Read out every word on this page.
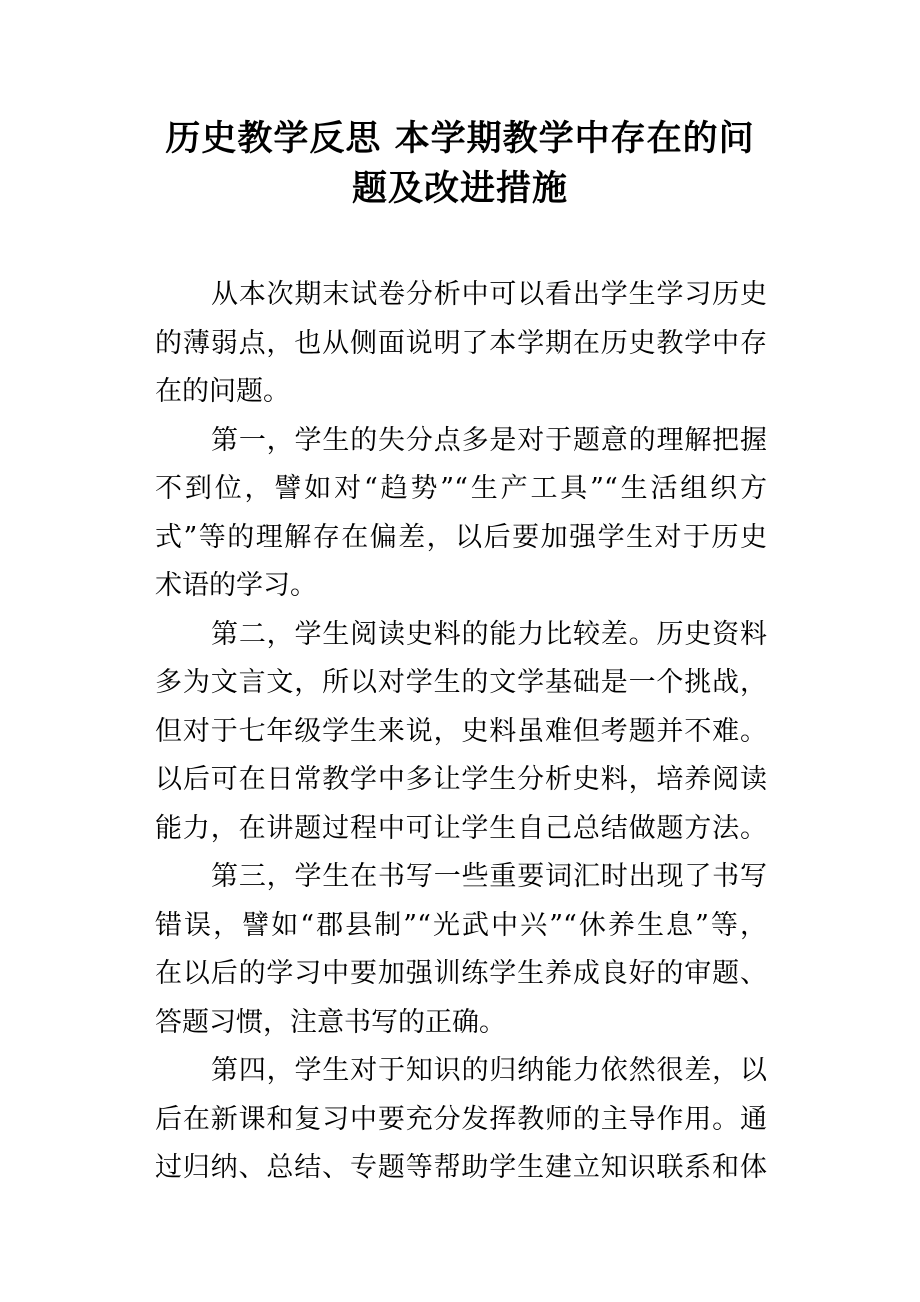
历史教学反思 本学期教学中存在的问
题及改进措施
从本次期末试卷分析中可以看出学生学习历史
的薄弱点，也从侧面说明了本学期在历史教学中存
在的问题。
第一，学生的失分点多是对于题意的理解把握
不到位，譬如对“趋势”“生产工具”“生活组织方
式”等的理解存在偏差，以后要加强学生对于历史
术语的学习。
第二，学生阅读史料的能力比较差。历史资料
多为文言文，所以对学生的文学基础是一个挑战，
但对于七年级学生来说，史料虽难但考题并不难。
以后可在日常教学中多让学生分析史料，培养阅读
能力，在讲题过程中可让学生自己总结做题方法。
第三，学生在书写一些重要词汇时出现了书写
错误，譬如“郡县制”“光武中兴”“休养生息”等，
在以后的学习中要加强训练学生养成良好的审题、
答题习惯，注意书写的正确。
第四，学生对于知识的归纳能力依然很差，以
后在新课和复习中要充分发挥教师的主导作用。通
过归纳、总结、专题等帮助学生建立知识联系和体
